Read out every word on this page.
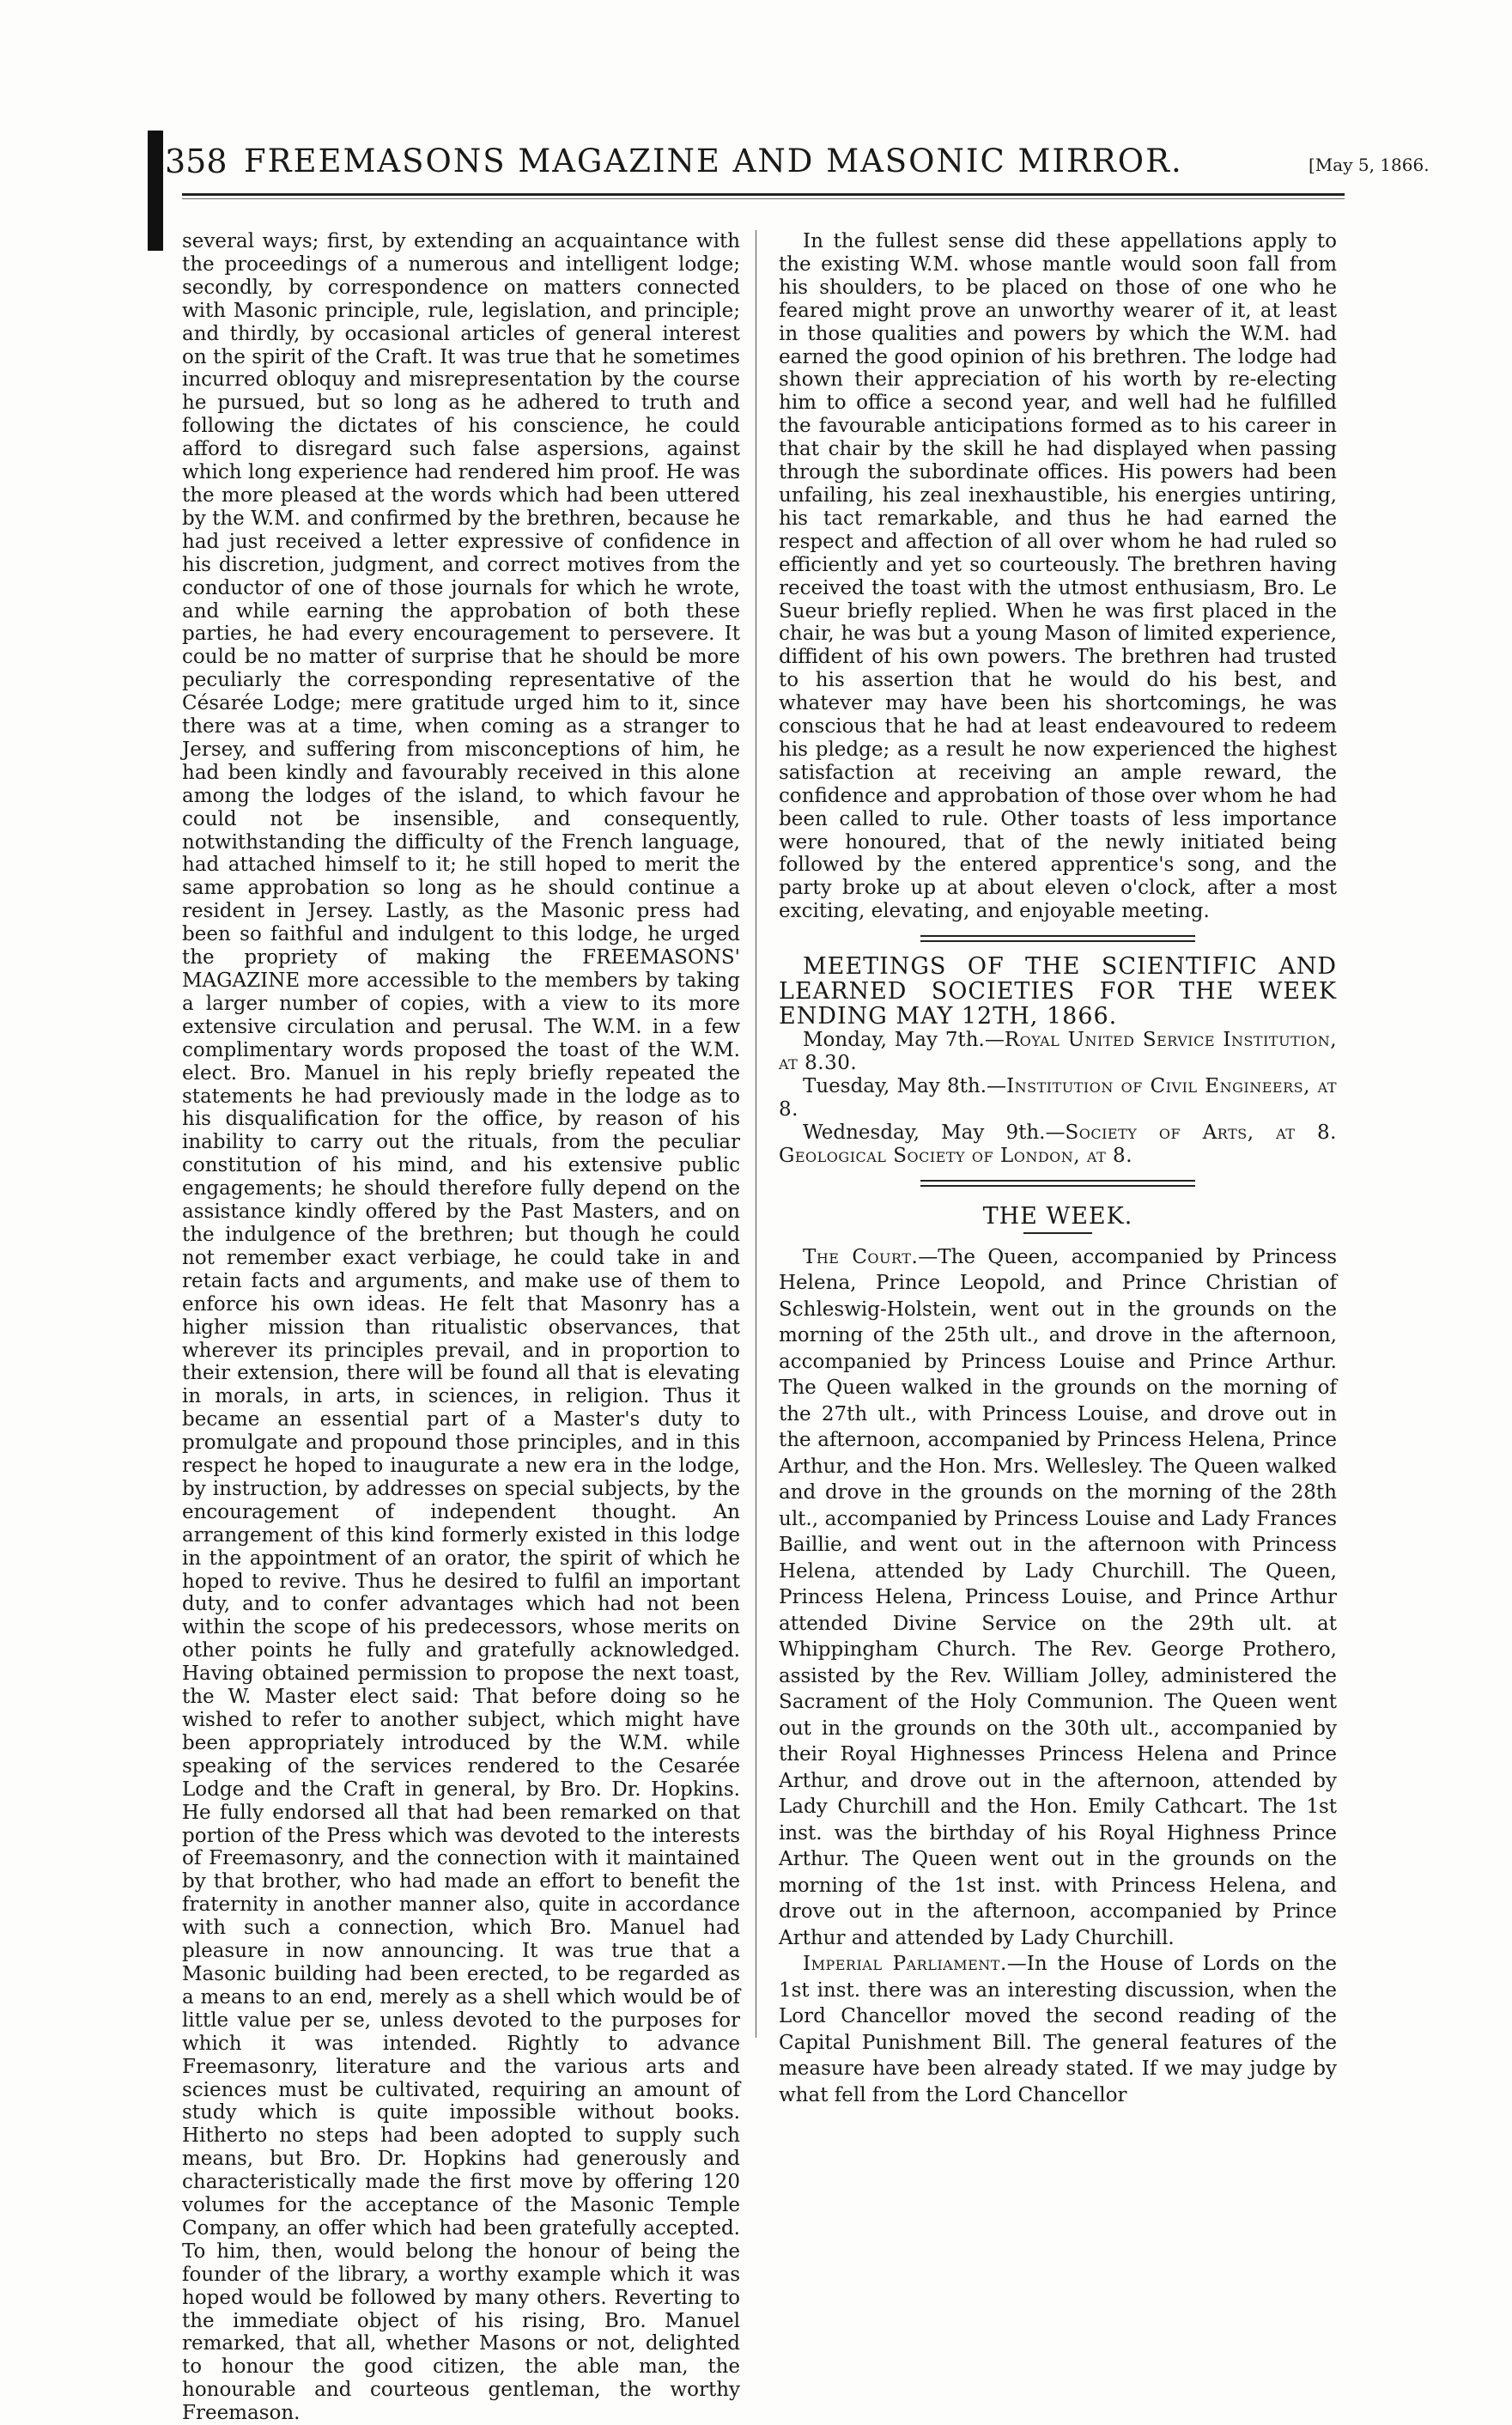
358 FREEMASONS MAGAZINE AND MASONIC MIRROR.	[May 5, 1866.

several ways; first, by extending an acquaintance with the proceedings of a numerous and intelligent lodge; secondly, by correspondence on matters connected with Masonic principle, rule, legislation, and principle; and thirdly, by occasional articles of general interest on the spirit of the Craft. It was true that he sometimes incurred obloquy and misrepresentation by the course he pursued, but so long as he adhered to truth and following the dictates of his conscience, he could afford to disregard such false aspersions, against which long experience had rendered him proof. He was the more pleased at the words which had been uttered by the W.M. and confirmed by the brethren, because he had just received a letter expressive of confidence in his discretion, judgment, and correct motives from the conductor of one of those journals for which he wrote, and while earning the approbation of both these parties, he had every encouragement to persevere. It could be no matter of surprise that he should be more peculiarly the corresponding representative of the Césarée Lodge; mere gratitude urged him to it, since there was at a time, when coming as a stranger to Jersey, and suffering from misconceptions of him, he had been kindly and favourably received in this alone among the lodges of the island, to which favour he could not be insensible, and consequently, notwithstanding the difficulty of the French language, had attached himself to it; he still hoped to merit the same approbation so long as he should continue a resident in Jersey. Lastly, as the Masonic press had been so faithful and indulgent to this lodge, he urged the propriety of making the FREEMASONS' MAGAZINE more accessible to the members by taking a larger number of copies, with a view to its more extensive circulation and perusal. The W.M. in a few complimentary words proposed the toast of the W.M. elect. Bro. Manuel in his reply briefly repeated the statements he had previously made in the lodge as to his disqualification for the office, by reason of his inability to carry out the rituals, from the peculiar constitution of his mind, and his extensive public engagements; he should therefore fully depend on the assistance kindly offered by the Past Masters, and on the indulgence of the brethren; but though he could not remember exact verbiage, he could take in and retain facts and arguments, and make use of them to enforce his own ideas. He felt that Masonry has a higher mission than ritualistic observances, that wherever its principles prevail, and in proportion to their extension, there will be found all that is elevating in morals, in arts, in sciences, in religion. Thus it became an essential part of a Master's duty to promulgate and propound those principles, and in this respect he hoped to inaugurate a new era in the lodge, by instruction, by addresses on special subjects, by the encouragement of independent thought. An arrangement of this kind formerly existed in this lodge in the appointment of an orator, the spirit of which he hoped to revive. Thus he desired to fulfil an important duty, and to confer advantages which had not been within the scope of his predecessors, whose merits on other points he fully and gratefully acknowledged. Having obtained permission to propose the next toast, the W. Master elect said: That before doing so he wished to refer to another subject, which might have been appropriately introduced by the W.M. while speaking of the services rendered to the Cesarée Lodge and the Craft in general, by Bro. Dr. Hopkins. He fully endorsed all that had been remarked on that portion of the Press which was devoted to the interests of Freemasonry, and the connection with it maintained by that brother, who had made an effort to benefit the fraternity in another manner also, quite in accordance with such a connection, which Bro. Manuel had pleasure in now announcing. It was true that a Masonic building had been erected, to be regarded as a means to an end, merely as a shell which would be of little value per se, unless devoted to the purposes for which it was intended. Rightly to advance Freemasonry, literature and the various arts and sciences must be cultivated, requiring an amount of study which is quite impossible without books. Hitherto no steps had been adopted to supply such means, but Bro. Dr. Hopkins had generously and characteristically made the first move by offering 120 volumes for the acceptance of the Masonic Temple Company, an offer which had been gratefully accepted. To him, then, would belong the honour of being the founder of the library, a worthy example which it was hoped would be followed by many others. Reverting to the immediate object of his rising, Bro. Manuel remarked, that all, whether Masons or not, delighted to honour the good citizen, the able man, the honourable and courteous gentleman, the worthy Freemason.

In the fullest sense did these appellations apply to the existing W.M. whose mantle would soon fall from his shoulders, to be placed on those of one who he feared might prove an unworthy wearer of it, at least in those qualities and powers by which the W.M. had earned the good opinion of his brethren. The lodge had shown their appreciation of his worth by re-electing him to office a second year, and well had he fulfilled the favourable anticipations formed as to his career in that chair by the skill he had displayed when passing through the subordinate offices. His powers had been unfailing, his zeal inexhaustible, his energies untiring, his tact remarkable, and thus he had earned the respect and affection of all over whom he had ruled so efficiently and yet so courteously. The brethren having received the toast with the utmost enthusiasm, Bro. Le Sueur briefly replied. When he was first placed in the chair, he was but a young Mason of limited experience, diffident of his own powers. The brethren had trusted to his assertion that he would do his best, and whatever may have been his shortcomings, he was conscious that he had at least endeavoured to redeem his pledge; as a result he now experienced the highest satisfaction at receiving an ample reward, the confidence and approbation of those over whom he had been called to rule. Other toasts of less importance were honoured, that of the newly initiated being followed by the entered apprentice's song, and the party broke up at about eleven o'clock, after a most exciting, elevating, and enjoyable meeting.

MEETINGS OF THE SCIENTIFIC AND LEARNED SOCIETIES FOR THE WEEK ENDING MAY 12TH, 1866.

Monday, May 7th.—Royal United Service Institution, at 8.30.

Tuesday, May 8th.—Institution of Civil Engineers, at 8.

Wednesday, May 9th.—Society of Arts, at 8. Geological Society of London, at 8.

THE WEEK.

The Court.—The Queen, accompanied by Princess Helena, Prince Leopold, and Prince Christian of Schleswig-Holstein, went out in the grounds on the morning of the 25th ult., and drove in the afternoon, accompanied by Princess Louise and Prince Arthur. The Queen walked in the grounds on the morning of the 27th ult., with Princess Louise, and drove out in the afternoon, accompanied by Princess Helena, Prince Arthur, and the Hon. Mrs. Wellesley. The Queen walked and drove in the grounds on the morning of the 28th ult., accompanied by Princess Louise and Lady Frances Baillie, and went out in the afternoon with Princess Helena, attended by Lady Churchill. The Queen, Princess Helena, Princess Louise, and Prince Arthur attended Divine Service on the 29th ult. at Whippingham Church. The Rev. George Prothero, assisted by the Rev. William Jolley, administered the Sacrament of the Holy Communion. The Queen went out in the grounds on the 30th ult., accompanied by their Royal Highnesses Princess Helena and Prince Arthur, and drove out in the afternoon, attended by Lady Churchill and the Hon. Emily Cathcart. The 1st inst. was the birthday of his Royal Highness Prince Arthur. The Queen went out in the grounds on the morning of the 1st inst. with Princess Helena, and drove out in the afternoon, accompanied by Prince Arthur and attended by Lady Churchill.

Imperial Parliament.—In the House of Lords on the 1st inst. there was an interesting discussion, when the Lord Chancellor moved the second reading of the Capital Punishment Bill. The general features of the measure have been already stated. If we may judge by what fell from the Lord Chancellor
